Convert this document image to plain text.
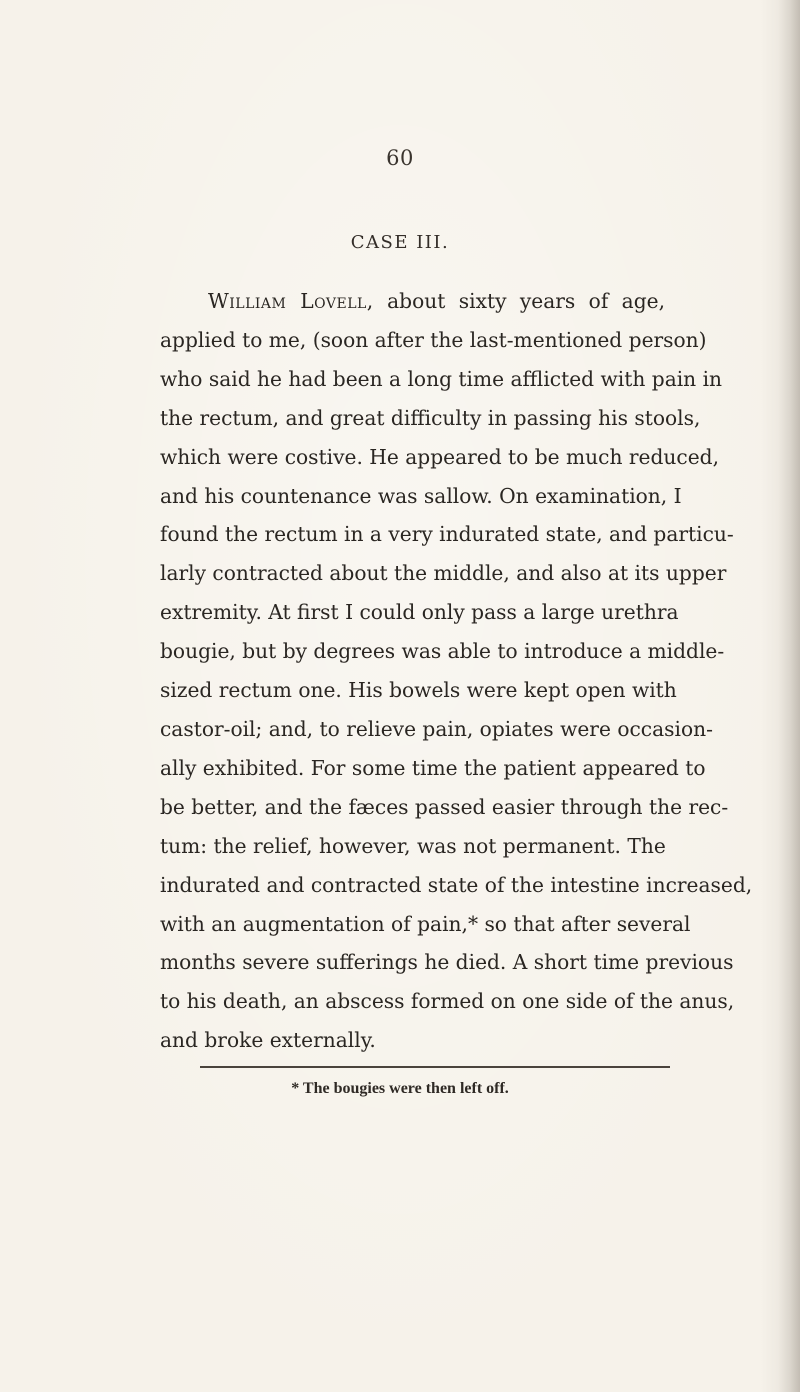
60
CASE III.
William Lovell, about sixty years of age,
applied to me, (soon after the last-mentioned person)
who said he had been a long time afflicted with pain in
the rectum, and great difficulty in passing his stools,
which were costive. He appeared to be much reduced,
and his countenance was sallow. On examination, I
found the rectum in a very indurated state, and particu-
larly contracted about the middle, and also at its upper
extremity. At first I could only pass a large urethra
bougie, but by degrees was able to introduce a middle-
sized rectum one. His bowels were kept open with
castor-oil; and, to relieve pain, opiates were occasion-
ally exhibited. For some time the patient appeared to
be better, and the fæces passed easier through the rec-
tum: the relief, however, was not permanent. The
indurated and contracted state of the intestine increased,
with an augmentation of pain,* so that after several
months severe sufferings he died. A short time previous
to his death, an abscess formed on one side of the anus,
and broke externally.
* The bougies were then left off.
